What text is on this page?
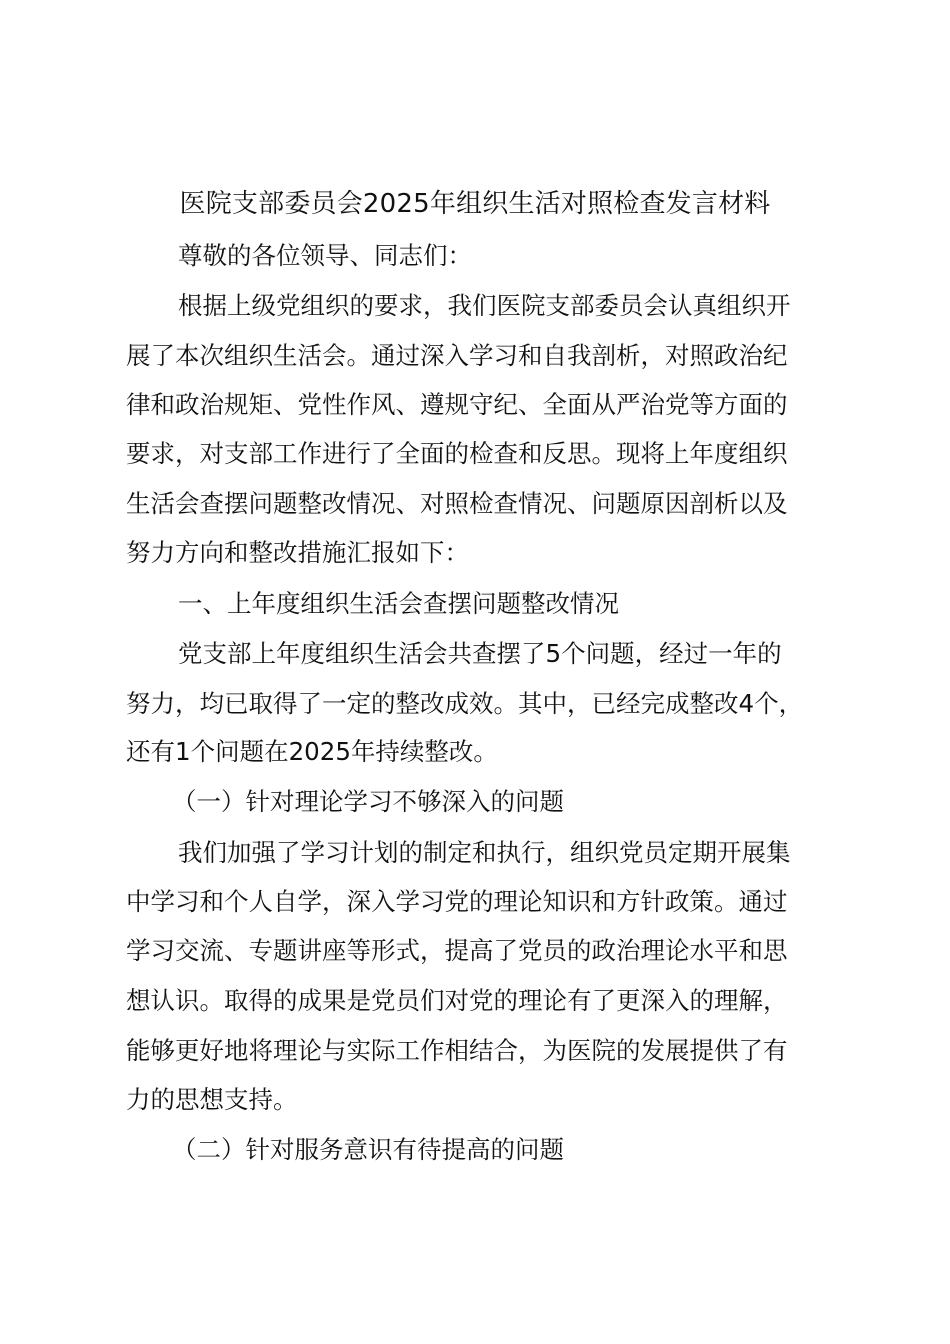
医院支部委员会2025年组织生活对照检查发言材料
尊敬的各位领导、同志们：
根据上级党组织的要求，我们医院支部委员会认真组织开
展了本次组织生活会。通过深入学习和自我剖析，对照政治纪
律和政治规矩、党性作风、遵规守纪、全面从严治党等方面的
要求，对支部工作进行了全面的检查和反思。现将上年度组织
生活会查摆问题整改情况、对照检查情况、问题原因剖析以及
努力方向和整改措施汇报如下：
一、上年度组织生活会查摆问题整改情况
党支部上年度组织生活会共查摆了5个问题，经过一年的
努力，均已取得了一定的整改成效。其中，已经完成整改4个，
还有1个问题在2025年持续整改。
（一）针对理论学习不够深入的问题
我们加强了学习计划的制定和执行，组织党员定期开展集
中学习和个人自学，深入学习党的理论知识和方针政策。通过
学习交流、专题讲座等形式，提高了党员的政治理论水平和思
想认识。取得的成果是党员们对党的理论有了更深入的理解，
能够更好地将理论与实际工作相结合，为医院的发展提供了有
力的思想支持。
（二）针对服务意识有待提高的问题
